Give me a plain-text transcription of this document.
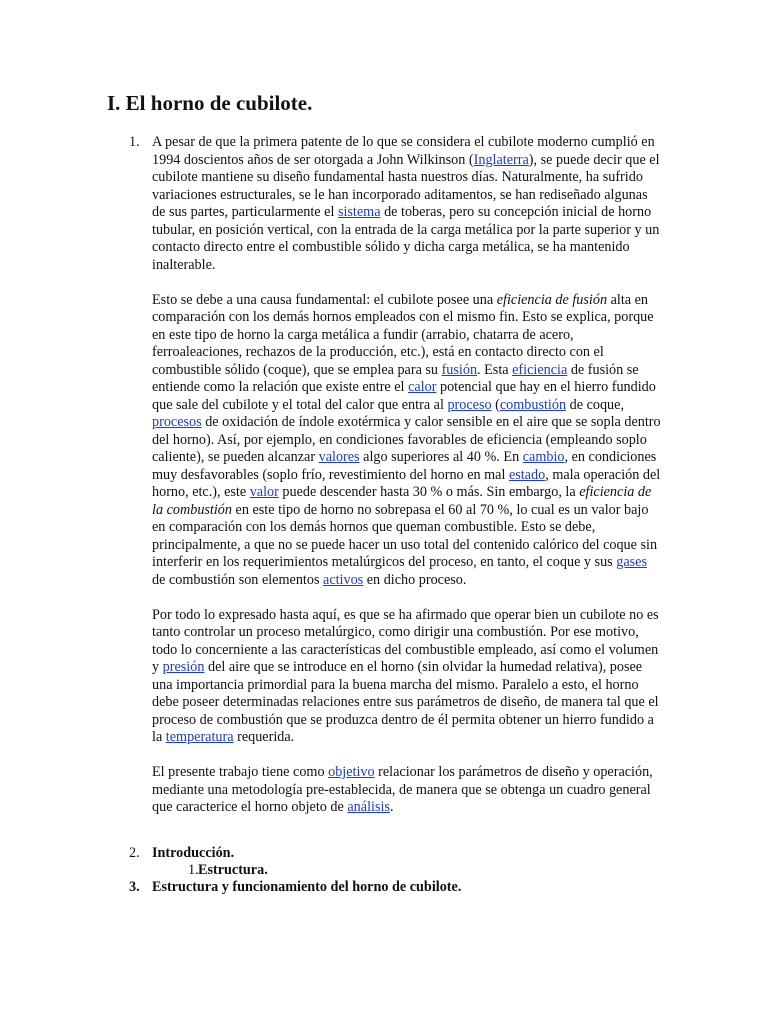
I. El horno de cubilote.
1. A pesar de que la primera patente de lo que se considera el cubilote moderno cumplió en 1994 doscientos años de ser otorgada a John Wilkinson (Inglaterra), se puede decir que el cubilote mantiene su diseño fundamental hasta nuestros días. Naturalmente, ha sufrido variaciones estructurales, se le han incorporado aditamentos, se han rediseñado algunas de sus partes, particularmente el sistema de toberas, pero su concepción inicial de horno tubular, en posición vertical, con la entrada de la carga metálica por la parte superior y un contacto directo entre el combustible sólido y dicha carga metálica, se ha mantenido inalterable.

Esto se debe a una causa fundamental: el cubilote posee una eficiencia de fusión alta en comparación con los demás hornos empleados con el mismo fin. Esto se explica, porque en este tipo de horno la carga metálica a fundir (arrabio, chatarra de acero, ferroaleaciones, rechazos de la producción, etc.), está en contacto directo con el combustible sólido (coque), que se emplea para su fusión. Esta eficiencia de fusión se entiende como la relación que existe entre el calor potencial que hay en el hierro fundido que sale del cubilote y el total del calor que entra al proceso (combustión de coque, procesos de oxidación de índole exotérmica y calor sensible en el aire que se sopla dentro del horno). Así, por ejemplo, en condiciones favorables de eficiencia (empleando soplo caliente), se pueden alcanzar valores algo superiores al 40 %. En cambio, en condiciones muy desfavorables (soplo frío, revestimiento del horno en mal estado, mala operación del horno, etc.), este valor puede descender hasta 30 % o más. Sin embargo, la eficiencia de la combustión en este tipo de horno no sobrepasa el 60 al 70 %, lo cual es un valor bajo en comparación con los demás hornos que queman combustible. Esto se debe, principalmente, a que no se puede hacer un uso total del contenido calórico del coque sin interferir en los requerimientos metalúrgicos del proceso, en tanto, el coque y sus gases de combustión son elementos activos en dicho proceso.

Por todo lo expresado hasta aquí, es que se ha afirmado que operar bien un cubilote no es tanto controlar un proceso metalúrgico, como dirigir una combustión. Por ese motivo, todo lo concerniente a las características del combustible empleado, así como el volumen y presión del aire que se introduce en el horno (sin olvidar la humedad relativa), posee una importancia primordial para la buena marcha del mismo. Paralelo a esto, el horno debe poseer determinadas relaciones entre sus parámetros de diseño, de manera tal que el proceso de combustión que se produzca dentro de él permita obtener un hierro fundido a la temperatura requerida.

El presente trabajo tiene como objetivo relacionar los parámetros de diseño y operación, mediante una metodología pre-establecida, de manera que se obtenga un cuadro general que caracterice el horno objeto de análisis.

2. Introducción.
1. Estructura.
3. Estructura y funcionamiento del horno de cubilote.
